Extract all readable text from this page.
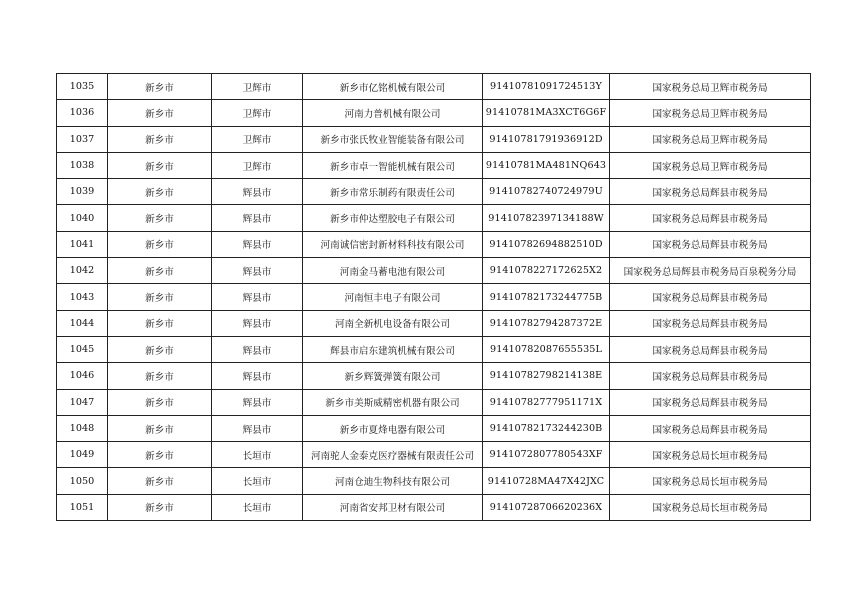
1035	新乡市	卫辉市	新乡市亿铭机械有限公司	91410781091724513Y	国家税务总局卫辉市税务局
1036	新乡市	卫辉市	河南力普机械有限公司	91410781MA3XCT6G6F	国家税务总局卫辉市税务局
1037	新乡市	卫辉市	新乡市张氏牧业智能装备有限公司	91410781791936912D	国家税务总局卫辉市税务局
1038	新乡市	卫辉市	新乡市卓一智能机械有限公司	91410781MA481NQ643	国家税务总局卫辉市税务局
1039	新乡市	辉县市	新乡市常乐制药有限责任公司	91410782740724979U	国家税务总局辉县市税务局
1040	新乡市	辉县市	新乡市仲达塑胶电子有限公司	91410782397134188W	国家税务总局辉县市税务局
1041	新乡市	辉县市	河南诚信密封新材料科技有限公司	91410782694882510D	国家税务总局辉县市税务局
1042	新乡市	辉县市	河南金马蓄电池有限公司	9141078227172625X2	国家税务总局辉县市税务局百泉税务分局
1043	新乡市	辉县市	河南恒丰电子有限公司	91410782173244775B	国家税务总局辉县市税务局
1044	新乡市	辉县市	河南全新机电设备有限公司	91410782794287372E	国家税务总局辉县市税务局
1045	新乡市	辉县市	辉县市启东建筑机械有限公司	91410782087655535L	国家税务总局辉县市税务局
1046	新乡市	辉县市	新乡辉簧弹簧有限公司	91410782798214138E	国家税务总局辉县市税务局
1047	新乡市	辉县市	新乡市美斯威精密机器有限公司	91410782777951171X	国家税务总局辉县市税务局
1048	新乡市	辉县市	新乡市夏烽电器有限公司	91410782173244230B	国家税务总局辉县市税务局
1049	新乡市	长垣市	河南驼人金泰克医疗器械有限责任公司	9141072807780543XF	国家税务总局长垣市税务局
1050	新乡市	长垣市	河南仓迪生物科技有限公司	91410728MA47X42JXC	国家税务总局长垣市税务局
1051	新乡市	长垣市	河南省安邦卫材有限公司	91410728706620236X	国家税务总局长垣市税务局
